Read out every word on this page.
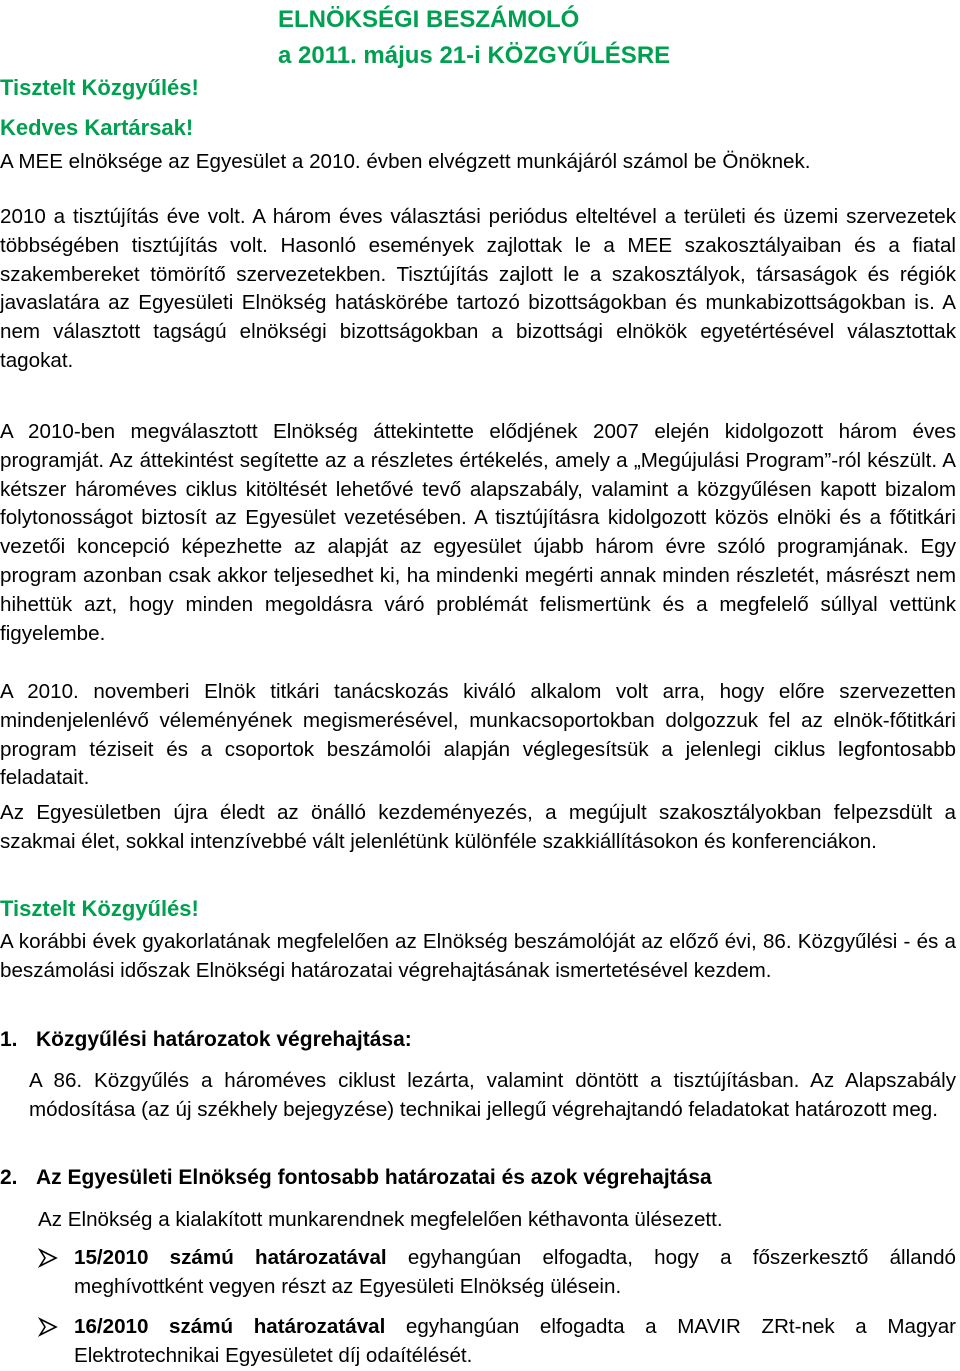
ELNÖKSÉGI BESZÁMOLÓ
a 2011. május 21-i KÖZGYŰLÉSRE
Tisztelt Közgyűlés!
Kedves Kartársak!
A MEE elnöksége az Egyesület a 2010. évben elvégzett munkájáról számol be Önöknek.
2010 a tisztújítás éve volt. A három éves választási periódus elteltével a területi és üzemi szervezetek többségében tisztújítás volt. Hasonló események zajlottak le a MEE szakosztályaiban és a fiatal szakembereket tömörítő szervezetekben. Tisztújítás zajlott le a szakosztályok, társaságok és régiók javaslatára az Egyesületi Elnökség hatáskörébe tartozó bizottságokban és munkabizottságokban is. A nem választott tagságú elnökségi bizottságokban a bizottsági elnökök egyetértésével választottak tagokat.
A 2010-ben megválasztott Elnökség áttekintette elődjének 2007 elején kidolgozott három éves programját. Az áttekintést segítette az a részletes értékelés, amely a „Megújulási Program”-ról készült. A kétszer hároméves ciklus kitöltését lehetővé tevő alapszabály, valamint a közgyűlésen kapott bizalom folytonosságot biztosít az Egyesület vezetésében. A tisztújításra kidolgozott közös elnöki és a főtitkári vezetői koncepció képezhette az alapját az egyesület újabb három évre szóló programjának. Egy program azonban csak akkor teljesedhet ki, ha mindenki megérti annak minden részletét, másrészt nem hihettük azt, hogy minden megoldásra váró problémát felismertünk és a megfelelő súllyal vettünk figyelembe.
A 2010. novemberi Elnök titkári tanácskozás kiváló alkalom volt arra, hogy előre szervezetten mindenjelenlévő véleményének megismerésével, munkacsoportokban dolgozzuk fel az elnök-főtitkári program téziseit és a csoportok beszámolói alapján véglegesítsük a jelenlegi ciklus legfontosabb feladatait.
Az Egyesületben újra éledt az önálló kezdeményezés, a megújult szakosztályokban felpezsdült a szakmai élet, sokkal intenzívebbé vált jelenlétünk különféle szakkiállításokon és konferenciákon.
Tisztelt Közgyűlés!
A korábbi évek gyakorlatának megfelelően az Elnökség beszámolóját az előző évi, 86. Közgyűlési - és a beszámolási időszak Elnökségi határozatai végrehajtásának ismertetésével kezdem.
1. Közgyűlési határozatok végrehajtása:
A 86. Közgyűlés a hároméves ciklust lezárta, valamint döntött a tisztújításban. Az Alapszabály módosítása (az új székhely bejegyzése) technikai jellegű végrehajtandó feladatokat határozott meg.
2. Az Egyesületi Elnökség fontosabb határozatai és azok végrehajtása
Az Elnökség a kialakított munkarendnek megfelelően kéthavonta ülésezett.
15/2010 számú határozatával egyhangúan elfogadta, hogy a főszerkesztő állandó meghívottként vegyen részt az Egyesületi Elnökség ülésein.
16/2010 számú határozatával egyhangúan elfogadta a MAVIR ZRt-nek a Magyar Elektrotechnikai Egyesületet díj odaítélését.
